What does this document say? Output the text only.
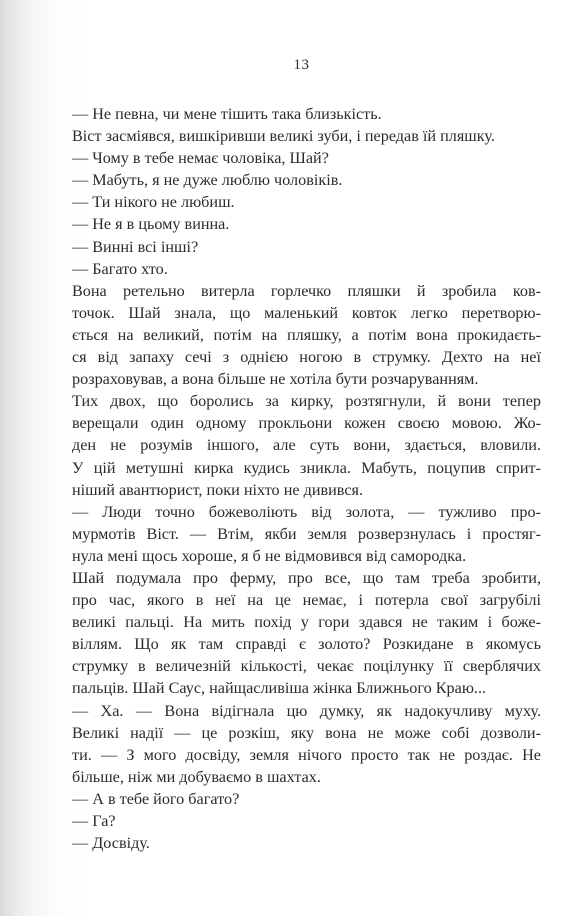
13
— Не певна, чи мене тішить така близькість.
Віст засміявся, вишкіривши великі зуби, і передав їй пляшку.
— Чому в тебе немає чоловіка, Шай?
— Мабуть, я не дуже люблю чоловіків.
— Ти нікого не любиш.
— Не я в цьому винна.
— Винні всі інші?
— Багато хто.
Вона ретельно витерла горлечко пляшки й зробила ков-
точок. Шай знала, що маленький ковток легко перетворю-
ється на великий, потім на пляшку, а потім вона прокидаєть-
ся від запаху сечі з однією ногою в струмку. Дехто на неї
розраховував, а вона більше не хотіла бути розчаруванням.
Тих двох, що боролись за кирку, розтягнули, й вони тепер
верещали один одному прокльони кожен своєю мовою. Жо-
ден не розумів іншого, але суть вони, здається, вловили.
У цій метушні кирка кудись зникла. Мабуть, поцупив сприт-
ніший авантюрист, поки ніхто не дивився.
— Люди точно божеволіють від золота, — тужливо про-
мурмотів Віст. — Втім, якби земля розверзнулась і простяг-
нула мені щось хороше, я б не відмовився від самородка.
Шай подумала про ферму, про все, що там треба зробити,
про час, якого в неї на це немає, і потерла свої загрубілі
великі пальці. На мить похід у гори здався не таким і боже-
віллям. Що як там справді є золото? Розкидане в якомусь
струмку в величезній кількості, чекає поцілунку її сверблячих
пальців. Шай Саус, найщасливіша жінка Ближнього Краю...
— Ха. — Вона відігнала цю думку, як надокучливу муху.
Великі надії — це розкіш, яку вона не може собі дозволи-
ти. — З мого досвіду, земля нічого просто так не роздає. Не
більше, ніж ми добуваємо в шахтах.
— А в тебе його багато?
— Га?
— Досвіду.
